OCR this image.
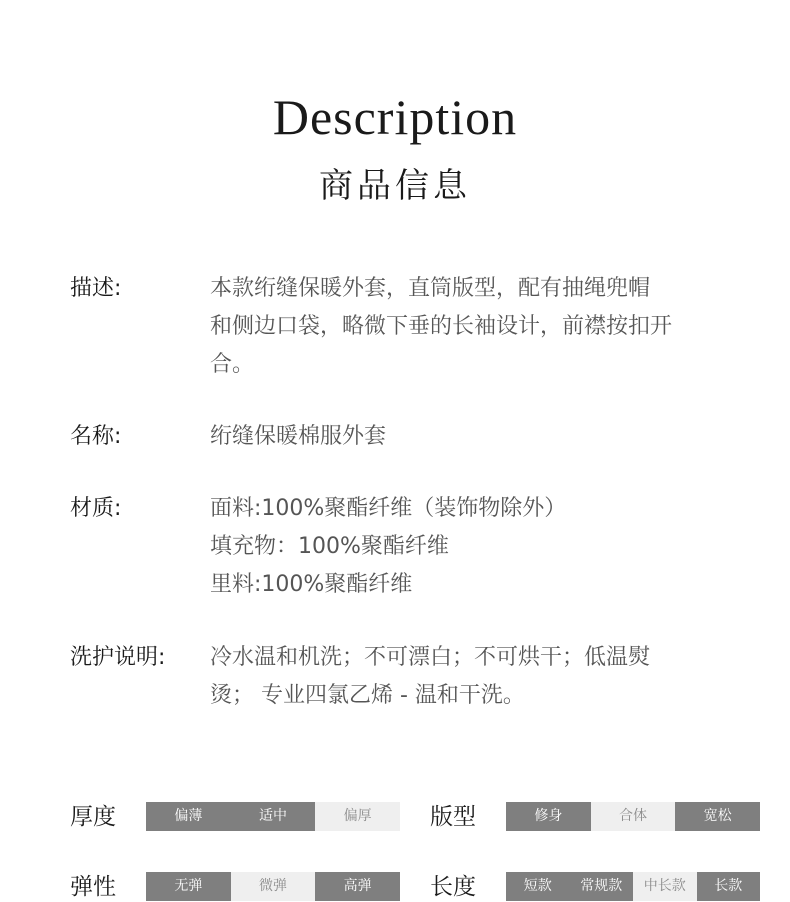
Description
商品信息
描述:	本款绗缝保暖外套，直筒版型，配有抽绳兜帽
和侧边口袋，略微下垂的长袖设计，前襟按扣开
合。
名称:	绗缝保暖棉服外套
材质:	面料:100%聚酯纤维（装饰物除外）
填充物：100%聚酯纤维
里料:100%聚酯纤维
洗护说明: 冷水温和机洗；不可漂白；不可烘干；低温熨
烫； 专业四氯乙烯 - 温和干洗。
厚度	偏薄	适中	偏厚	版型	修身	合体	宽松
弹性	无弹	微弹	高弹	长度	短款	常规款	中长款	长款
